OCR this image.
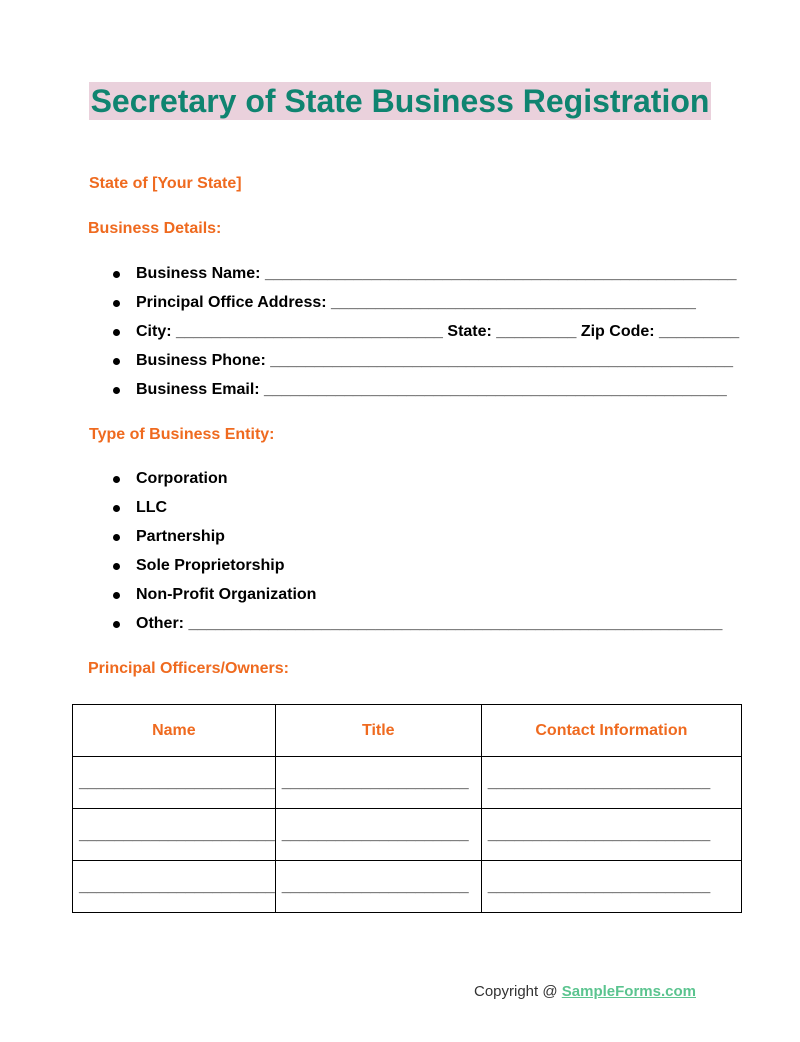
Secretary of State Business Registration

State of [Your State]

Business Details:

Business Name: _____________________________________________________
Principal Office Address: _________________________________________
City: ______________________________ State: _________ Zip Code: _________
Business Phone: ____________________________________________________
Business Email: ____________________________________________________

Type of Business Entity:

Corporation
LLC
Partnership
Sole Proprietorship
Non-Profit Organization
Other: ____________________________________________________________

Principal Officers/Owners:

Name	Title	Contact Information
______________________	_____________________	_________________________
______________________	_____________________	_________________________
______________________	_____________________	_________________________
Copyright @ SampleForms.com
